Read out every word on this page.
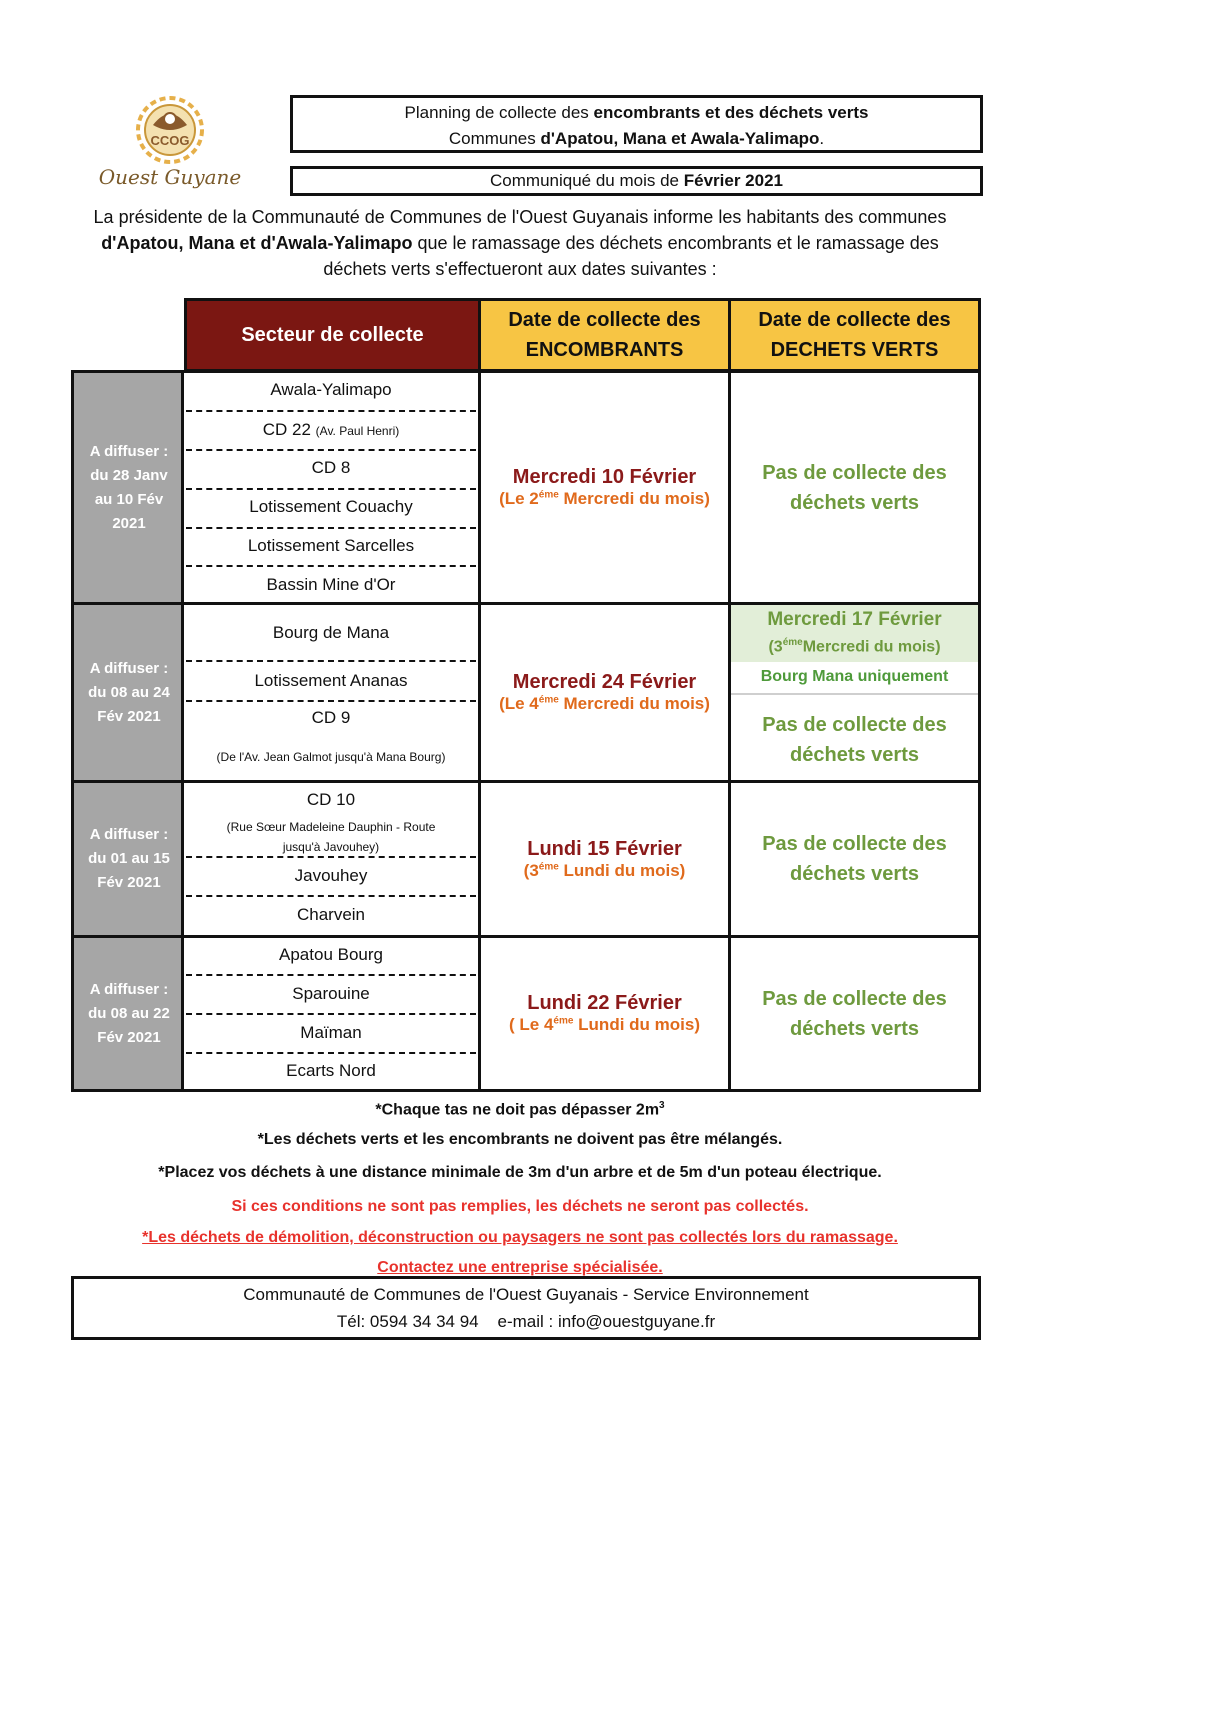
CCOG
Ouest Guyane
Planning de collecte des encombrants et des déchets verts
Communes d'Apatou, Mana et Awala-Yalimapo.
Communiqué du mois de Février 2021
La présidente de la Communauté de Communes de l'Ouest Guyanais informe les habitants des communes
d'Apatou, Mana et d'Awala-Yalimapo que le ramassage des déchets encombrants et le ramassage des
déchets verts s'effectueront aux dates suivantes :
Secteur de collecte
Date de collecte des
ENCOMBRANTS
Date de collecte des
DECHETS VERTS
A diffuser :
du 28 Janv
au 10 Fév
2021
A diffuser :
du 08 au 24
Fév 2021
A diffuser :
du 01 au 15
Fév 2021
A diffuser :
du 08 au 22
Fév 2021
Awala-Yalimapo
CD 22 (Av. Paul Henri)
CD 8
Lotissement Couachy
Lotissement Sarcelles
Bassin Mine d'Or
Mercredi 10 Février
(Le $2^{éme}$ Mercredi du mois)
Pas de collecte des
déchets verts
Bourg de Mana
Lotissement Ananas
CD 9
(De l'Av. Jean Galmot jusqu'à Mana Bourg)
Mercredi 24 Février
(Le $4^{éme}$ Mercredi du mois)
Mercredi 17 Février
($3^{éme}Mercredi$ du mois)
Bourg Mana uniquement
Pas de collecte des
déchets verts
CD 10
(Rue Sœur Madeleine Dauphin - Route
jusqu'à Javouhey)
Javouhey
Charvein
Lundi 15 Février
($3^{éme}$ Lundi du mois)
Pas de collecte des
déchets verts
Apatou Bourg
Sparouine
Maïman
Ecarts Nord
Lundi 22 Février
( Le $4^{éme}$ Lundi du mois)
Pas de collecte des
déchets verts
*Chaque tas ne doit pas dépasser $2m^3$
*Les déchets verts et les encombrants ne doivent pas être mélangés.
*Placez vos déchets à une distance minimale de 3m d'un arbre et de 5m d'un poteau électrique.
Si ces conditions ne sont pas remplies, les déchets ne seront pas collectés.
*Les déchets de démolition, déconstruction ou paysagers ne sont pas collectés lors du ramassage.
Contactez une entreprise spécialisée.
Communauté de Communes de l'Ouest Guyanais - Service Environnement
Tél: 0594 34 34 94    e-mail : info@ouestguyane.fr
